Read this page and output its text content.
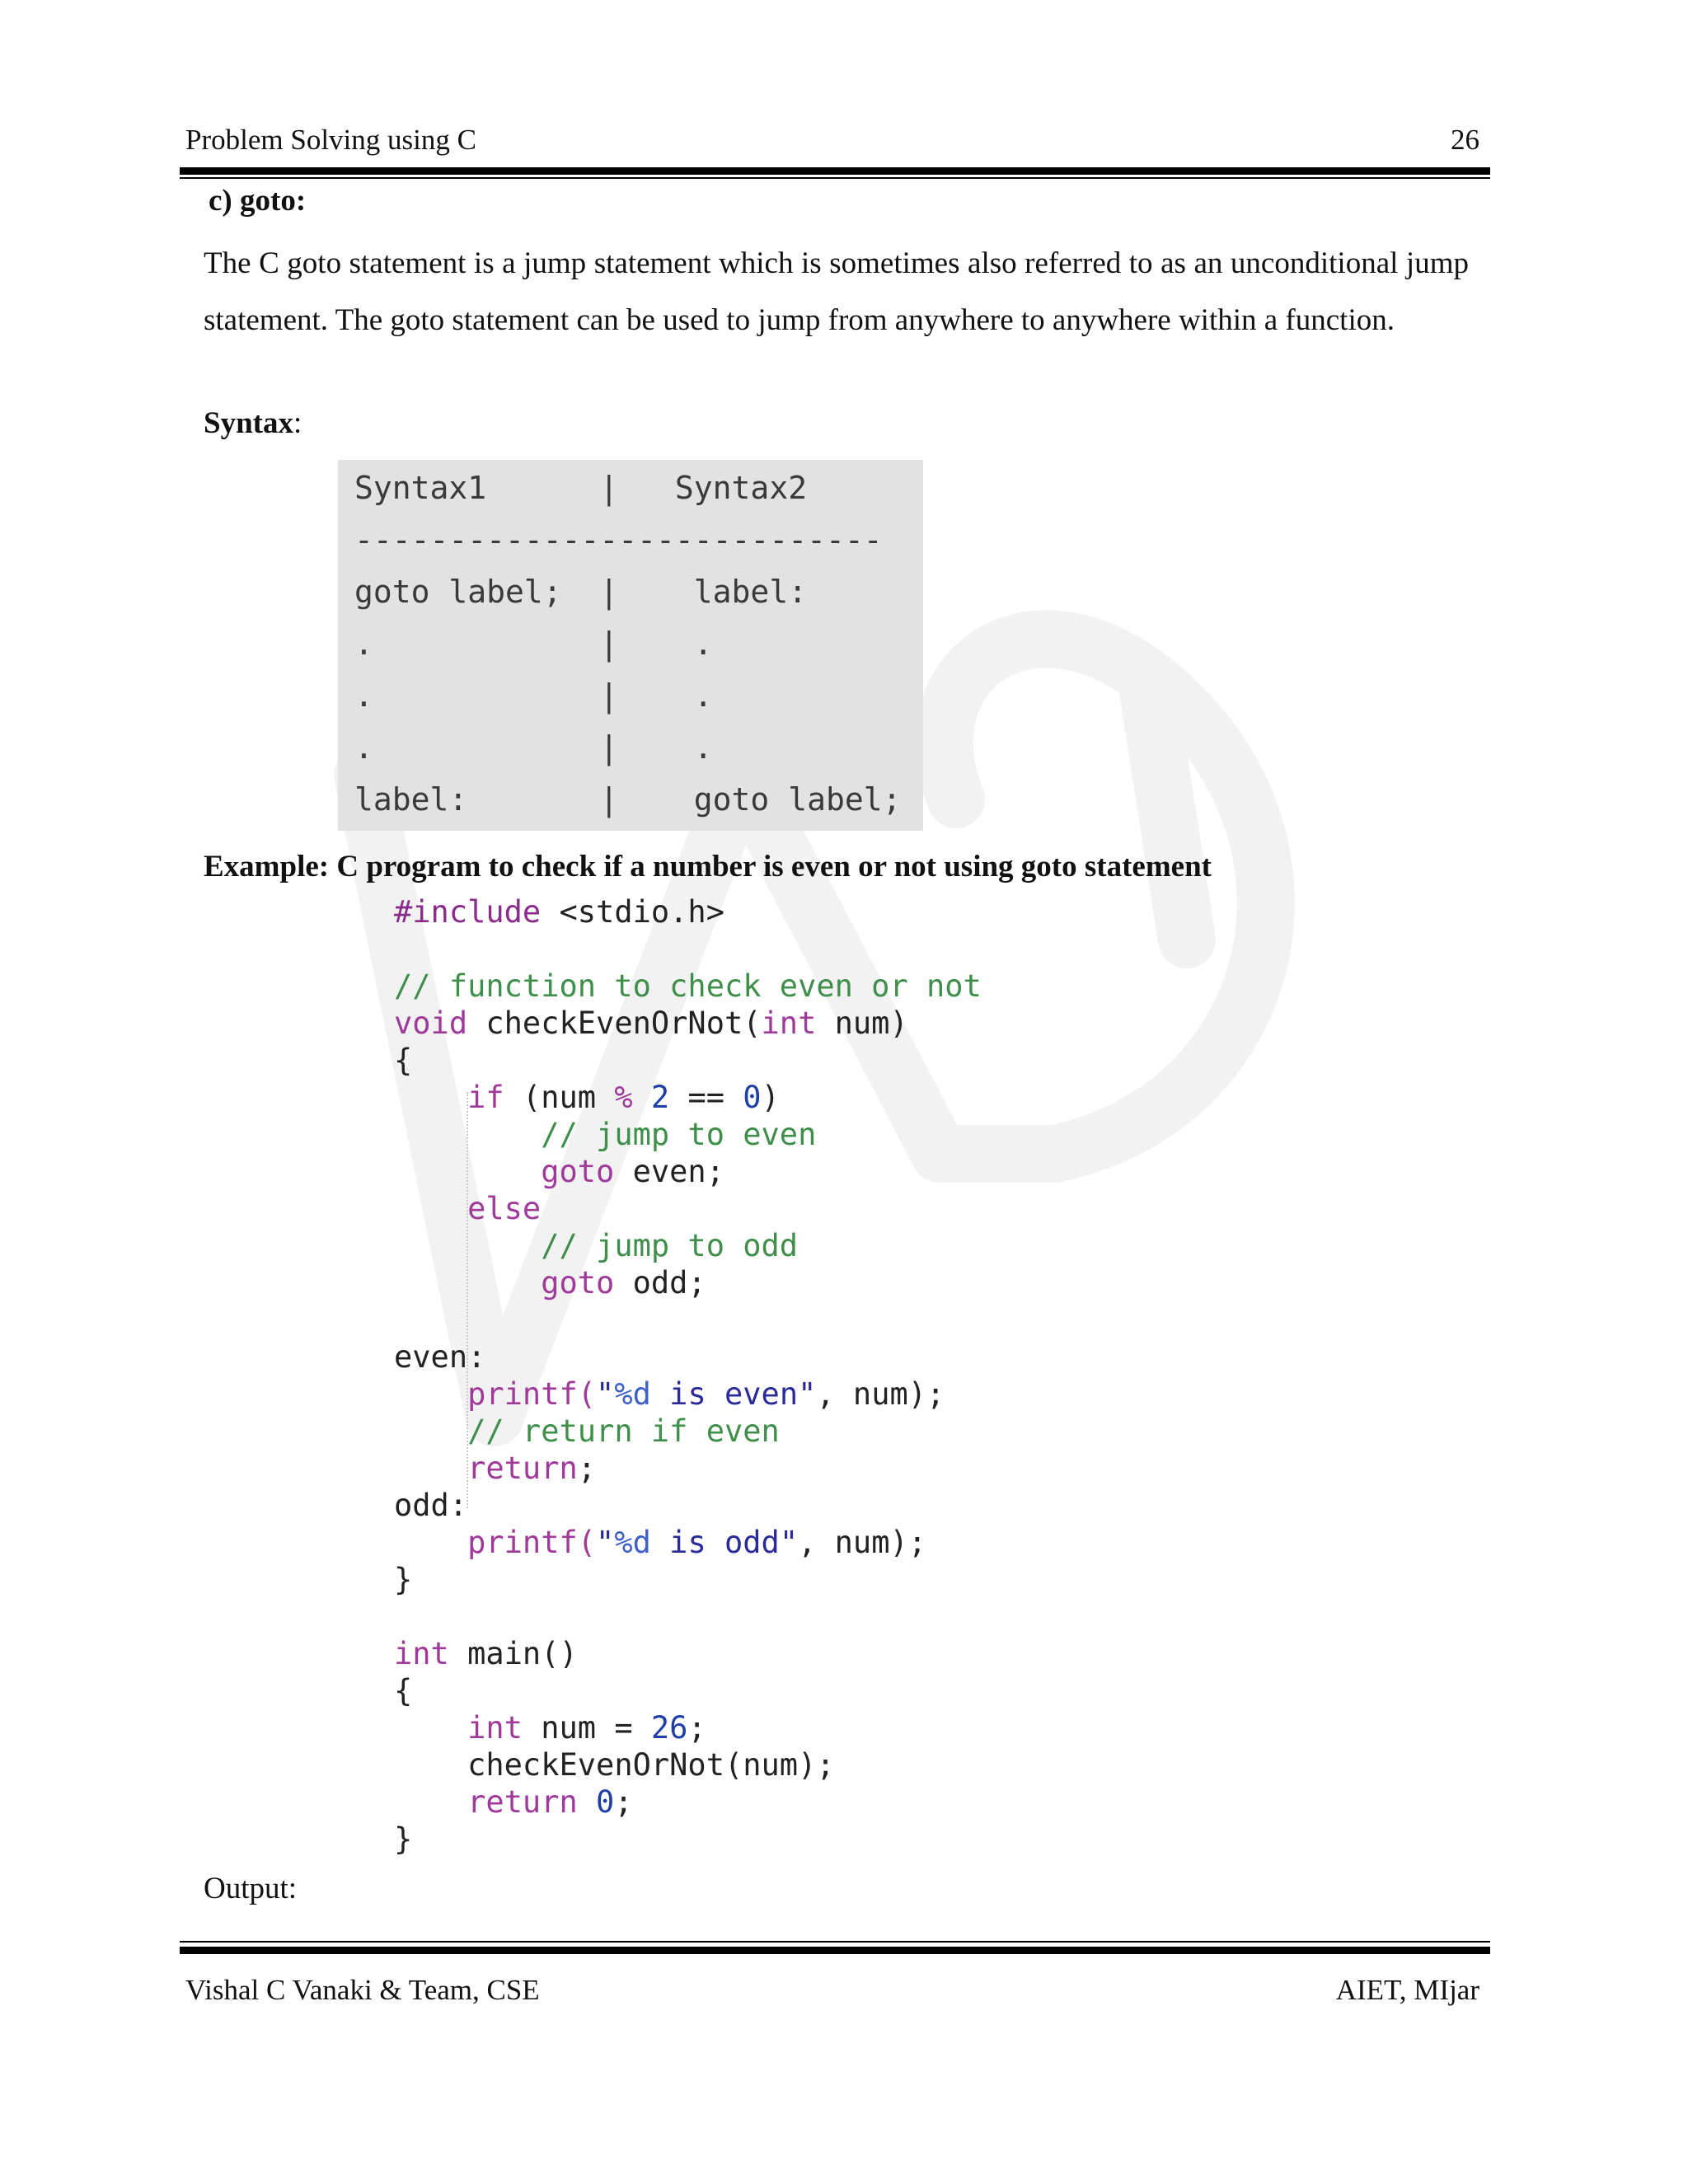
Problem Solving using C	26
c) goto:
The C goto statement is a jump statement which is sometimes also referred to as an unconditional jump statement. The goto statement can be used to jump from anywhere to anywhere within a function.
Syntax:
Syntax1      |   Syntax2
----------------------------
goto label;  |    label:
.            |    .
.            |    .
.            |    .
label:       |    goto label;
Example: C program to check if a number is even or not using goto statement
#include <stdio.h>
// function to check even or not
void checkEvenOrNot(int num)
{
if (num % 2 == 0)
// jump to even
goto even;
else
// jump to odd
goto odd;
even:
printf("%d is even", num);
// return if even
return;
odd:
printf("%d is odd", num);
}
int main()
{
int num = 26;
checkEvenOrNot(num);
return 0;
}
Output:
Vishal C Vanaki & Team, CSE	AIET, MIjar
